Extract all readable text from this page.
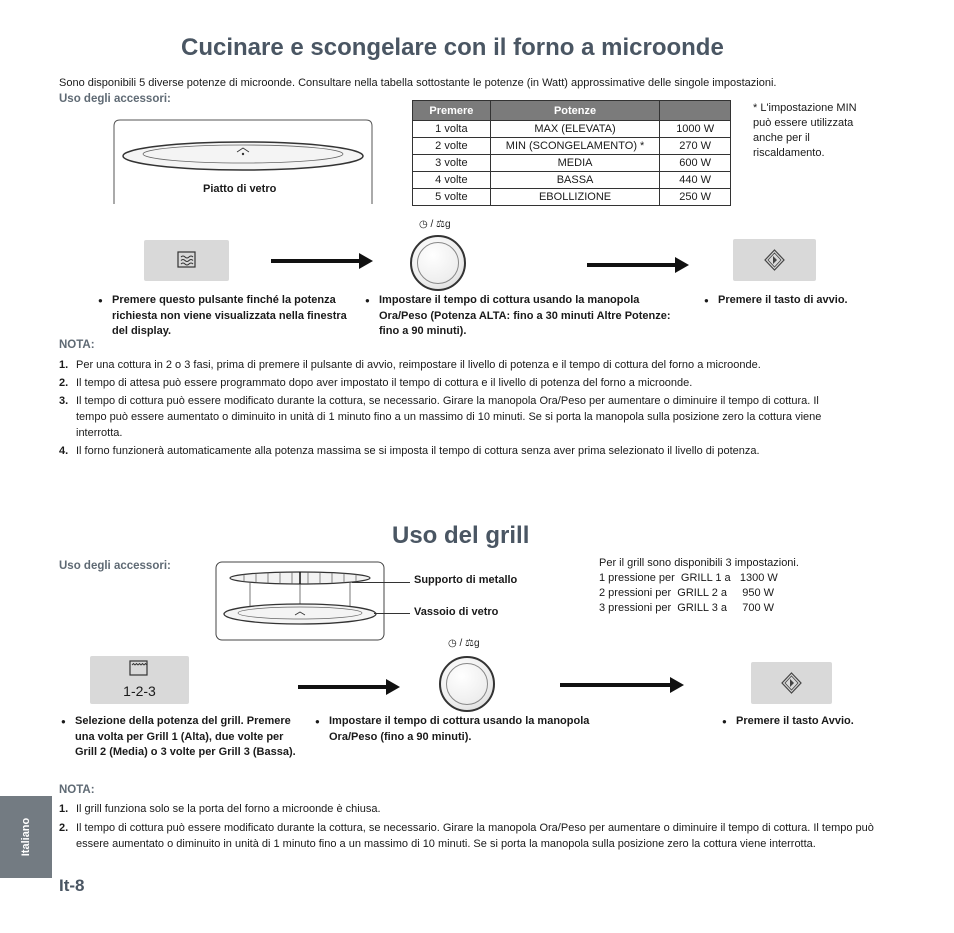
Cucinare e scongelare con il forno a microonde
Sono disponibili 5 diverse potenze di microonde. Consultare nella tabella sottostante le potenze (in Watt) approssimative delle singole impostazioni.
Uso degli accessori:
Piatto di vetro
Premere	Potenze	
1 volta	MAX (ELEVATA)	1000 W
2 volte	MIN (SCONGELAMENTO) *	270 W
3 volte	MEDIA	600 W
4 volte	BASSA	440 W
5 volte	EBOLLIZIONE	250 W
* L'impostazione MIN può essere utilizzata anche per il riscaldamento.
◷ / ⚖g
● Premere questo pulsante finché la potenza richiesta non viene visualizzata nella finestra del display.
● Impostare il tempo di cottura usando la manopola Ora/Peso (Potenza ALTA: fino a 30 minuti Altre Potenze: fino a 90 minuti).
● Premere il tasto di avvio.
NOTA:
1. Per una cottura in 2 o 3 fasi, prima di premere il pulsante di avvio, reimpostare il livello di potenza e il tempo di cottura del forno a microonde.
2. Il tempo di attesa può essere programmato dopo aver impostato il tempo di cottura e il livello di potenza del forno a microonde.
3. Il tempo di cottura può essere modificato durante la cottura, se necessario. Girare la manopola Ora/Peso per aumentare o diminuire il tempo di cottura. Il tempo può essere aumentato o diminuito in unità di 1 minuto fino a un massimo di 10 minuti. Se si porta la manopola sulla posizione zero la cottura viene interrotta.
4. Il forno funzionerà automaticamente alla potenza massima se si imposta il tempo di cottura senza aver prima selezionato il livello di potenza.
Uso del grill
Uso degli accessori:
Supporto di metallo
Vassoio di vetro
Per il grill sono disponibili 3 impostazioni.
1 pressione per  GRILL 1 a   1300 W
2 pressioni per  GRILL 2 a     950 W
3 pressioni per  GRILL 3 a     700 W
1-2-3
◷ / ⚖g
● Selezione della potenza del grill. Premere una volta per Grill 1 (Alta), due volte per Grill 2 (Media) o 3 volte per Grill 3 (Bassa).
● Impostare il tempo di cottura usando la manopola Ora/Peso (fino a 90 minuti).
● Premere il tasto Avvio.
NOTA:
1. Il grill funziona solo se la porta del forno a microonde è chiusa.
2. Il tempo di cottura può essere modificato durante la cottura, se necessario. Girare la manopola Ora/Peso per aumentare o diminuire il tempo di cottura. Il tempo può essere aumentato o diminuito in unità di 1 minuto fino a un massimo di 10 minuti. Se si porta la manopola sulla posizione zero la cottura viene interrotta.
Italiano
It-8
